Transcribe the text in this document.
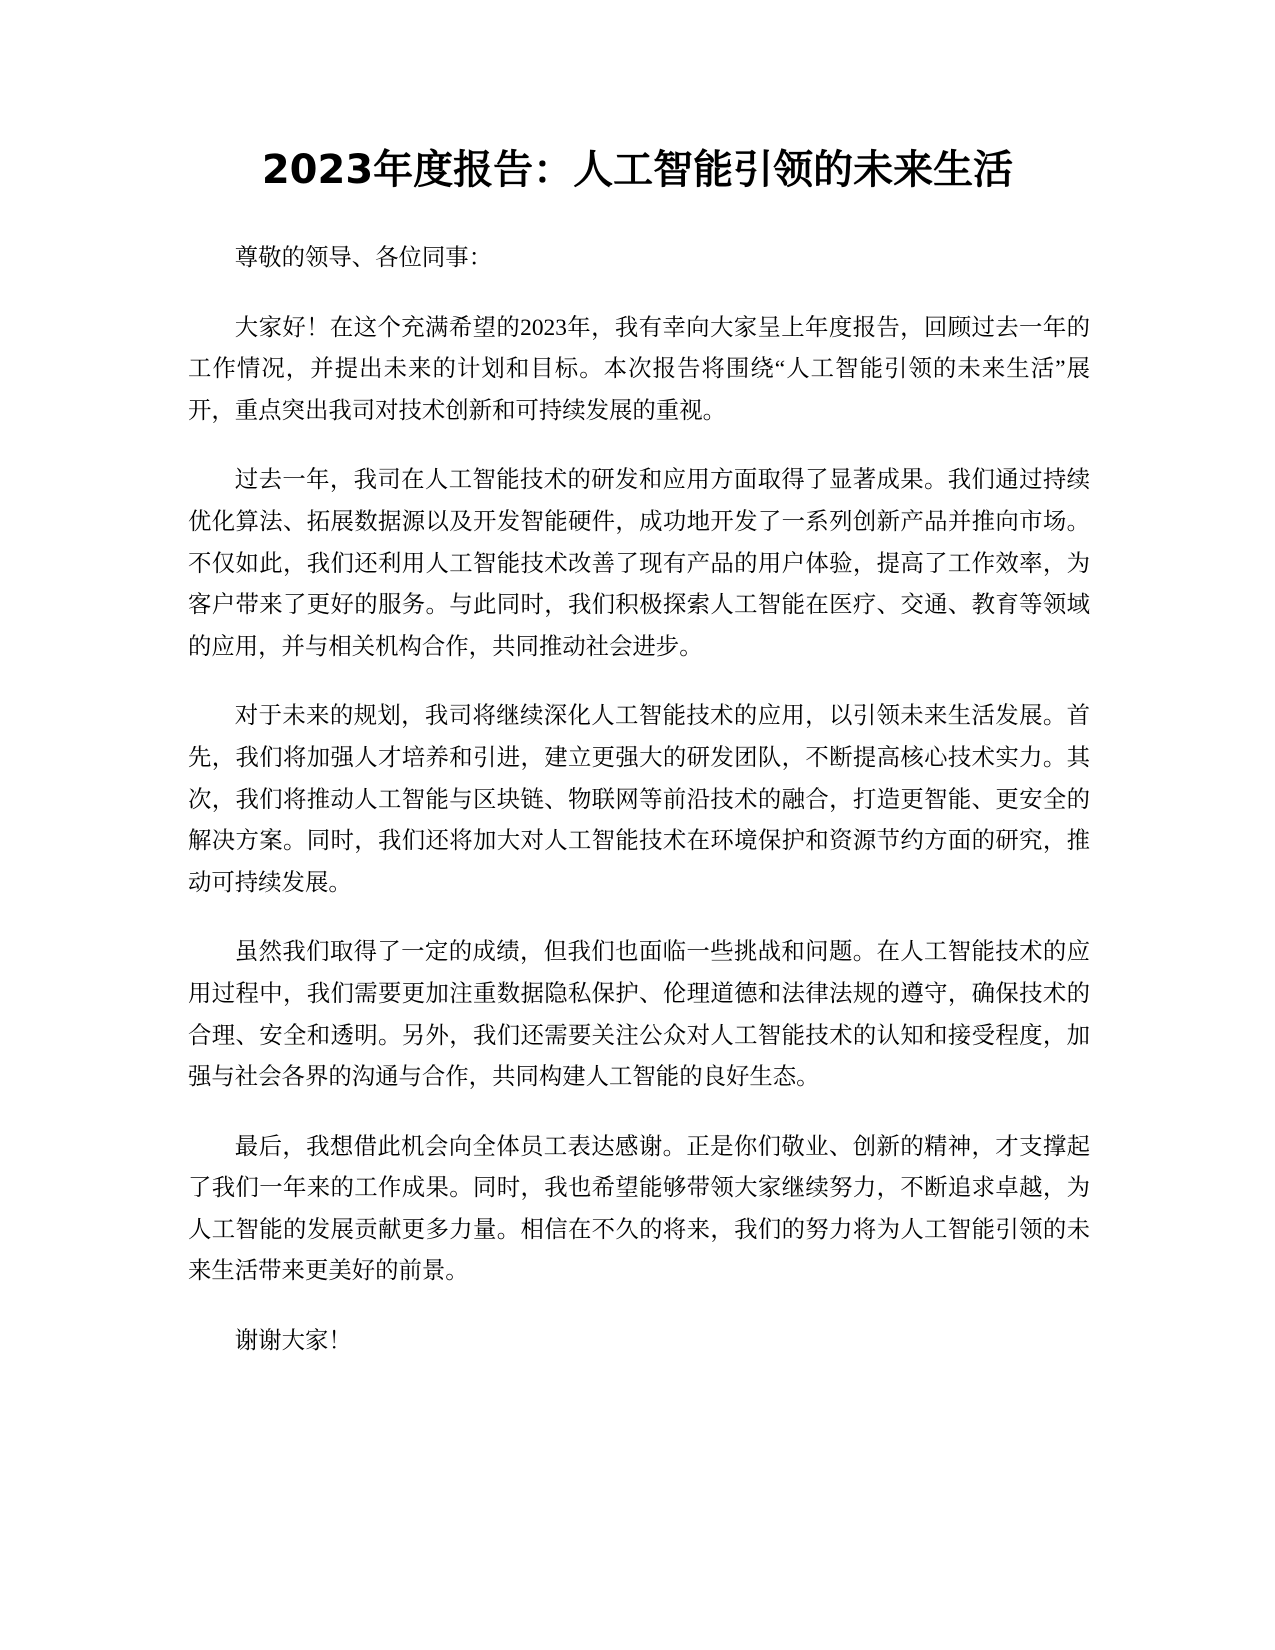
2023年度报告：人工智能引领的未来生活

尊敬的领导、各位同事：

大家好！在这个充满希望的2023年，我有幸向大家呈上年度报告，回顾过去一年的工作情况，并提出未来的计划和目标。本次报告将围绕“人工智能引领的未来生活”展开，重点突出我司对技术创新和可持续发展的重视。

过去一年，我司在人工智能技术的研发和应用方面取得了显著成果。我们通过持续优化算法、拓展数据源以及开发智能硬件，成功地开发了一系列创新产品并推向市场。不仅如此，我们还利用人工智能技术改善了现有产品的用户体验，提高了工作效率，为客户带来了更好的服务。与此同时，我们积极探索人工智能在医疗、交通、教育等领域的应用，并与相关机构合作，共同推动社会进步。

对于未来的规划，我司将继续深化人工智能技术的应用，以引领未来生活发展。首先，我们将加强人才培养和引进，建立更强大的研发团队，不断提高核心技术实力。其次，我们将推动人工智能与区块链、物联网等前沿技术的融合，打造更智能、更安全的解决方案。同时，我们还将加大对人工智能技术在环境保护和资源节约方面的研究，推动可持续发展。

虽然我们取得了一定的成绩，但我们也面临一些挑战和问题。在人工智能技术的应用过程中，我们需要更加注重数据隐私保护、伦理道德和法律法规的遵守，确保技术的合理、安全和透明。另外，我们还需要关注公众对人工智能技术的认知和接受程度，加强与社会各界的沟通与合作，共同构建人工智能的良好生态。

最后，我想借此机会向全体员工表达感谢。正是你们敬业、创新的精神，才支撑起了我们一年来的工作成果。同时，我也希望能够带领大家继续努力，不断追求卓越，为人工智能的发展贡献更多力量。相信在不久的将来，我们的努力将为人工智能引领的未来生活带来更美好的前景。

谢谢大家！
